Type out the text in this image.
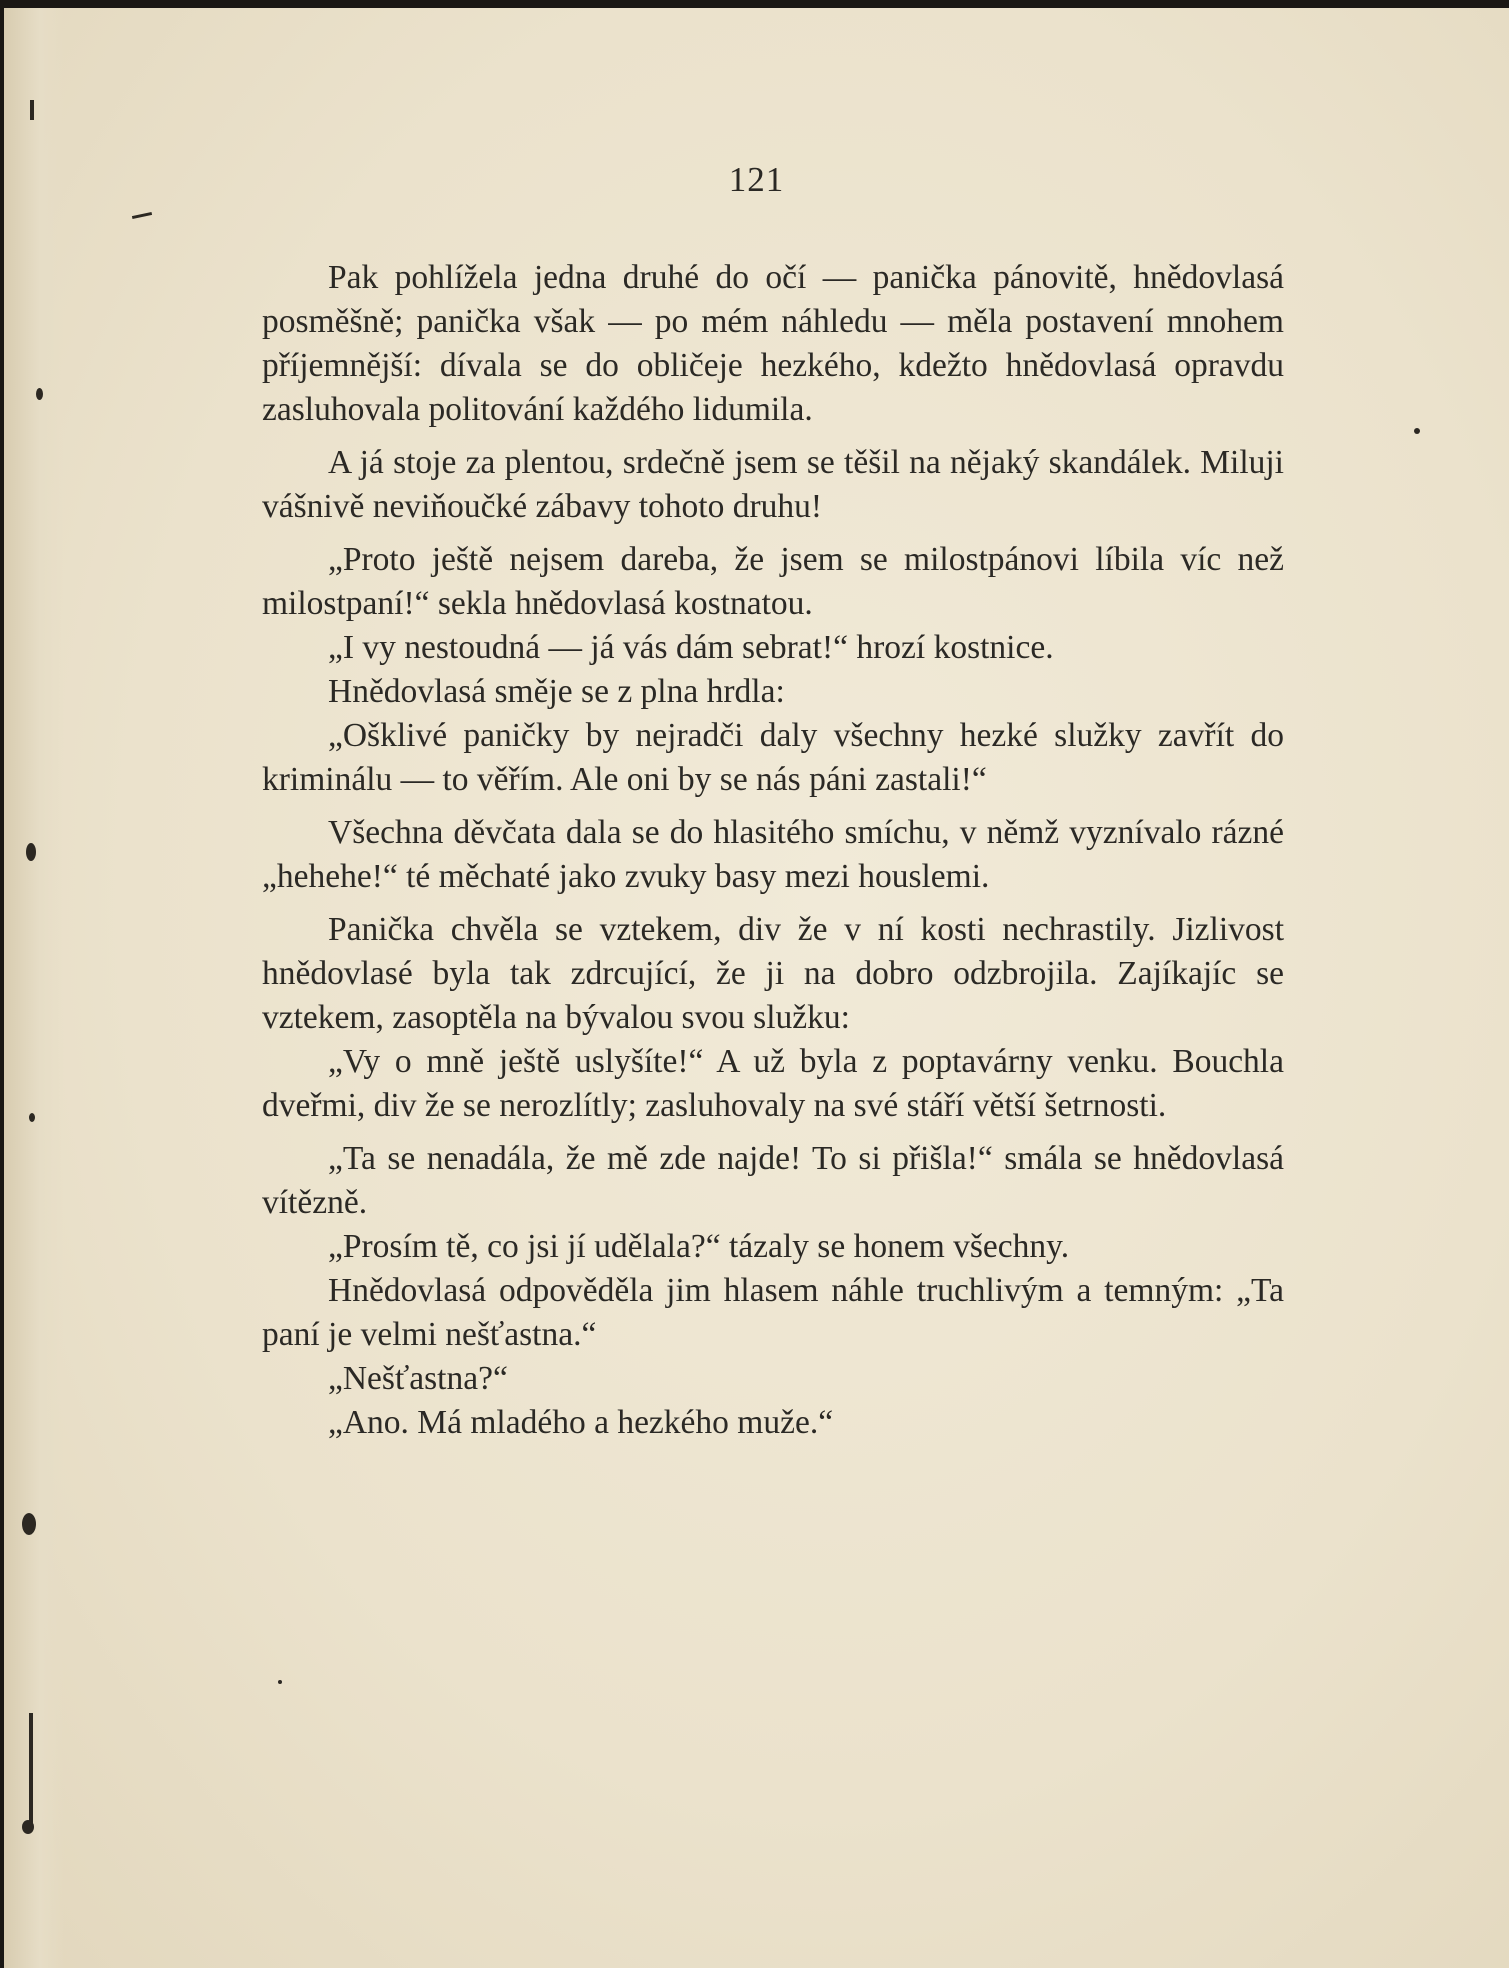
121

Pak pohlížela jedna druhé do očí — panička pánovitě, hnědovlasá posměšně; panička však — po mém náhledu — měla postavení mnohem příjemnější: dívala se do obličeje hezkého, kdežto hnědovlasá opravdu zasluhovala politování každého lidumila.

A já stoje za plentou, srdečně jsem se těšil na nějaký skandálek. Miluji vášnivě neviňoučké zábavy tohoto druhu!

„Proto ještě nejsem dareba, že jsem se milostpánovi líbila víc než milostpaní!“ sekla hnědovlasá kostnatou.

„I vy nestoudná — já vás dám sebrat!“ hrozí kostnice.

Hnědovlasá směje se z plna hrdla:

„Ošklivé paničky by nejradči daly všechny hezké služky zavřít do kriminálu — to věřím. Ale oni by se nás páni zastali!“

Všechna děvčata dala se do hlasitého smíchu, v němž vyznívalo rázné „hehehe!“ té měchaté jako zvuky basy mezi houslemi.

Panička chvěla se vztekem, div že v ní kosti nechrastily. Jizlivost hnědovlasé byla tak zdrcující, že ji na dobro odzbrojila. Zajíkajíc se vztekem, zasoptěla na bývalou svou služku:

„Vy o mně ještě uslyšíte!“ A už byla z poptavárny venku. Bouchla dveřmi, div že se nerozlítly; zasluhovaly na své stáří větší šetrnosti.

„Ta se nenadála, že mě zde najde! To si přišla!“ smála se hnědovlasá vítězně.

„Prosím tě, co jsi jí udělala?“ tázaly se honem všechny.

Hnědovlasá odpověděla jim hlasem náhle truchlivým a temným: „Ta paní je velmi nešťastna.“

„Nešťastna?“

„Ano. Má mladého a hezkého muže.“
